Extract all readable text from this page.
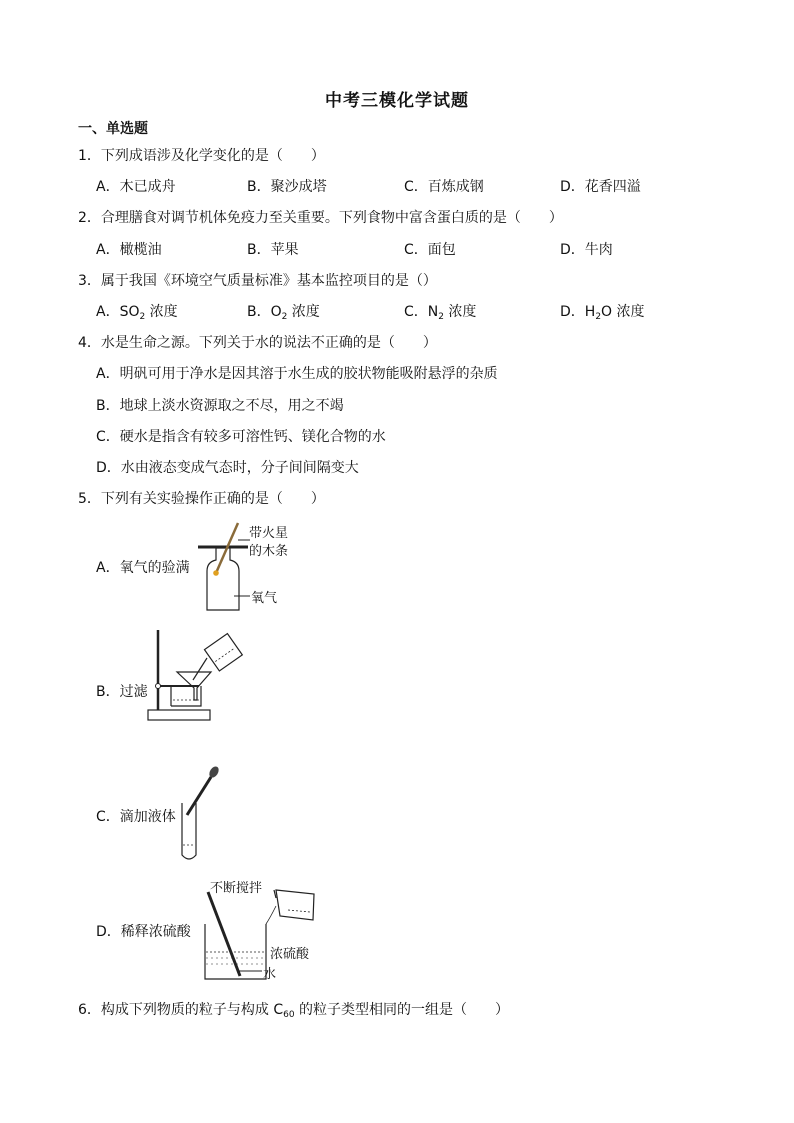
中考三模化学试题
一、单选题
1．下列成语涉及化学变化的是（　　）
A．木已成舟	B．聚沙成塔	C．百炼成钢	D．花香四溢
2．合理膳食对调节机体免疫力至关重要。下列食物中富含蛋白质的是（　　）
A．橄榄油	B．苹果	C．面包	D．牛肉
3．属于我国《环境空气质量标准》基本监控项目的是（）
A．$SO_2$ 浓度	B．$O_2$ 浓度	C．$N_2$ 浓度	D．$H_2O$ 浓度
4．水是生命之源。下列关于水的说法不正确的是（　　）
A．明矾可用于净水是因其溶于水生成的胶状物能吸附悬浮的杂质
B．地球上淡水资源取之不尽，用之不竭
C．硬水是指含有较多可溶性钙、镁化合物的水
D．水由液态变成气态时，分子间间隔变大
5．下列有关实验操作正确的是（　　）
A．氧气的验满
B．过滤
C．滴加液体
D．稀释浓硫酸
带火星
的木条
氧气
不断搅拌
浓硫酸
水
6．构成下列物质的粒子与构成 $C_{60}$ 的粒子类型相同的一组是（　　）
